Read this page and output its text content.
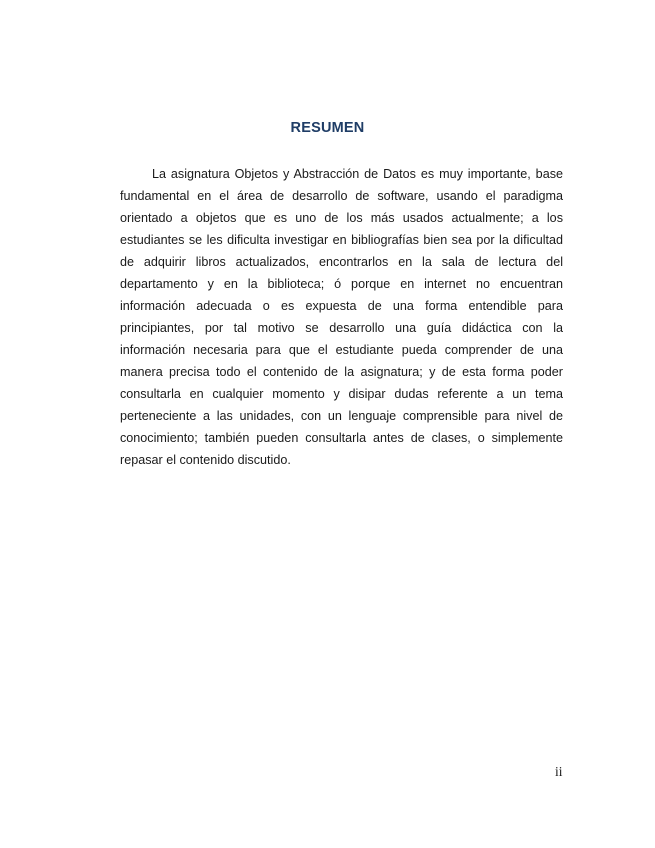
RESUMEN
La asignatura Objetos y Abstracción de Datos es muy importante, base
fundamental en el área de desarrollo de software, usando el paradigma
orientado a objetos que es uno de los más usados actualmente; a los
estudiantes se les dificulta investigar en bibliografías bien sea por la dificultad
de adquirir libros actualizados, encontrarlos en la sala de lectura del
departamento y en la biblioteca; ó porque en internet no encuentran
información adecuada o es expuesta de una forma entendible para
principiantes, por tal motivo se desarrollo una guía didáctica con la
información necesaria para que el estudiante pueda comprender de una
manera precisa todo el contenido de la asignatura; y de esta forma poder
consultarla en cualquier momento y disipar dudas referente a un tema
perteneciente a las unidades, con un lenguaje comprensible para nivel de
conocimiento; también pueden consultarla antes de clases, o simplemente
repasar el contenido discutido.
ii
